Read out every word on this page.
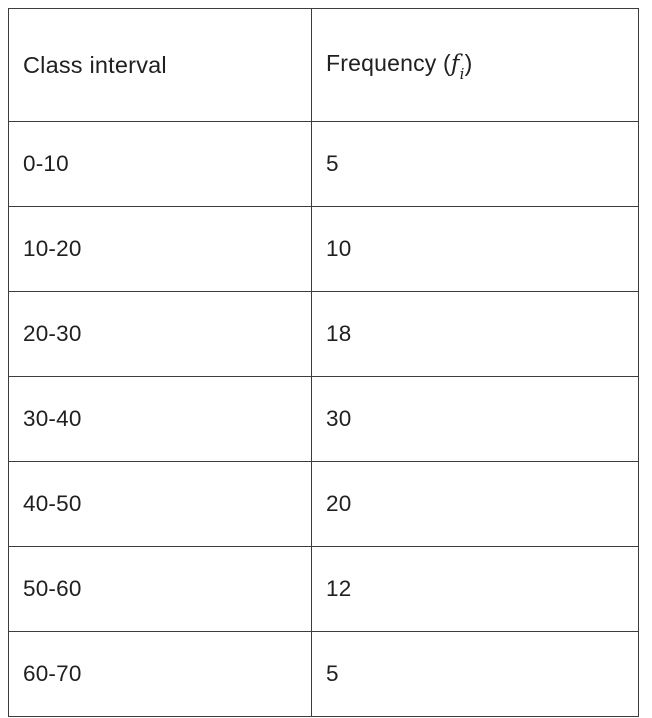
Class interval	Frequency $(f_i)$
0-10	5
10-20	10
20-30	18
30-40	30
40-50	20
50-60	12
60-70	5
